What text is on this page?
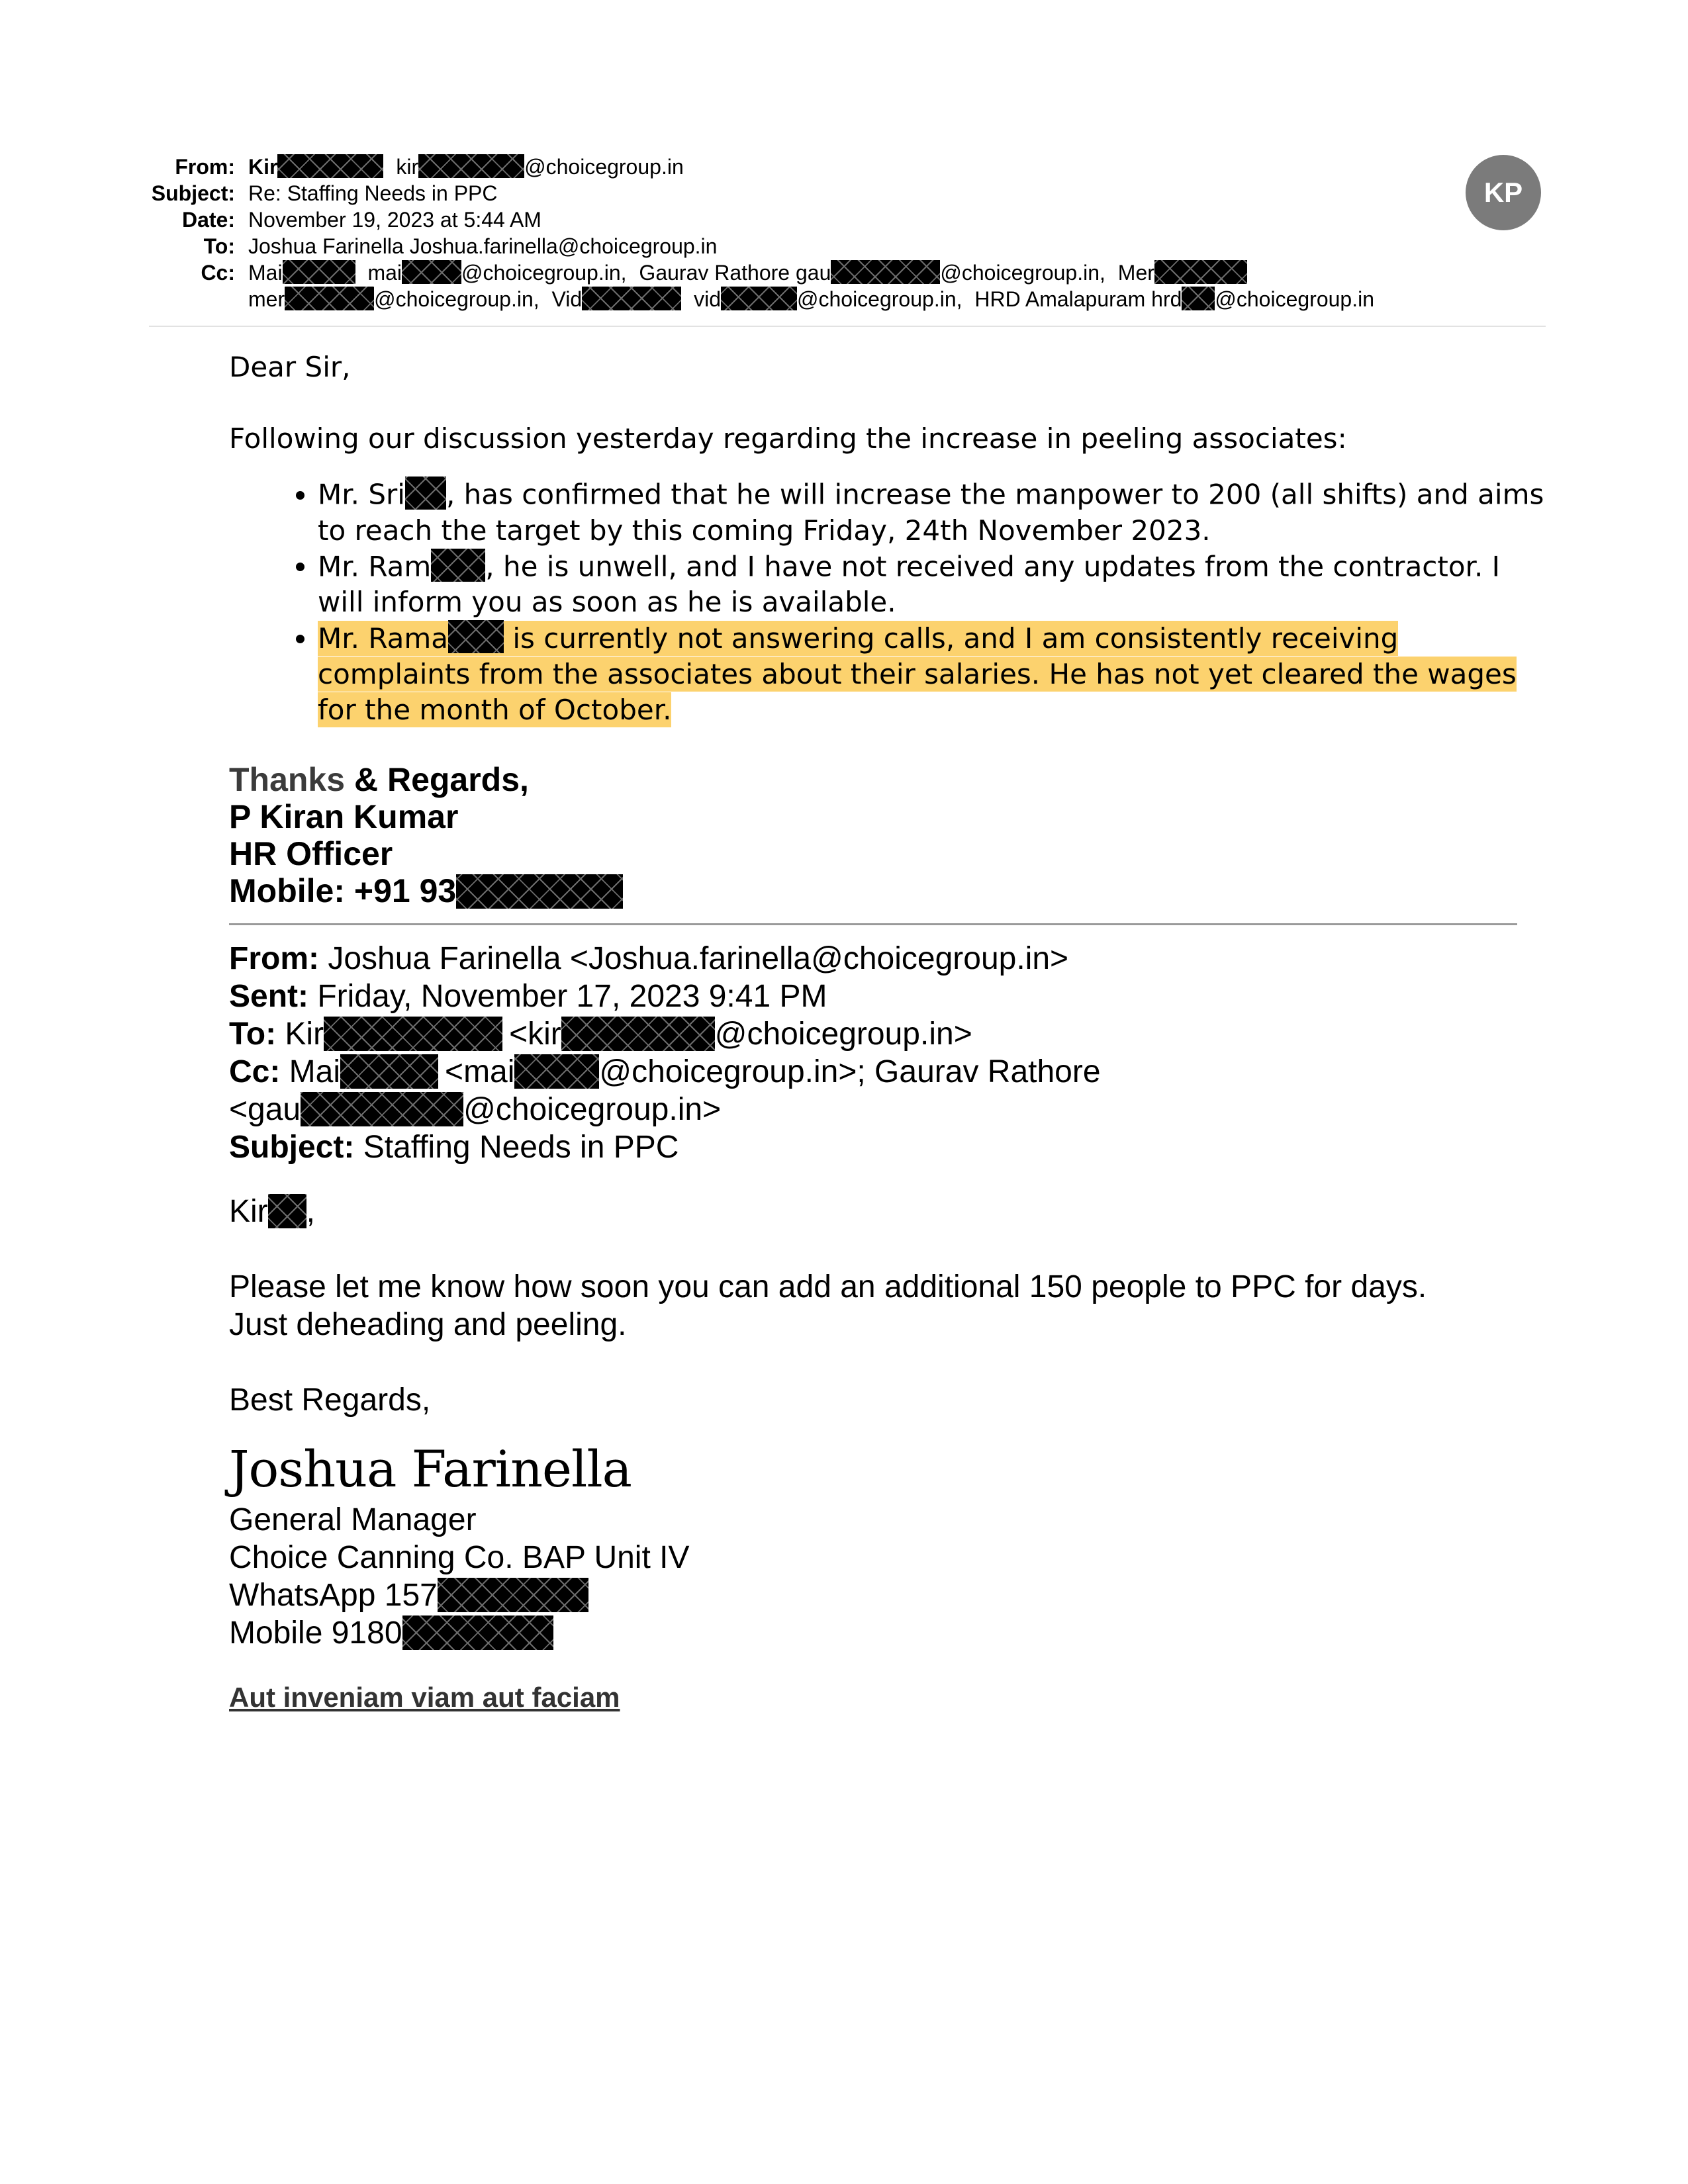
From: Kir	kir	@choicegroup.in
Subject: Re: Staffing Needs in PPC
Date: November 19, 2023 at 5:44 AM
To: Joshua Farinella Joshua.farinella@choicegroup.in
Cc: Mai	mai	@choicegroup.in, Gaurav Rathore gau	@choicegroup.in, Mer
mer	@choicegroup.in, Vid	vid	@choicegroup.in, HRD Amalapuram hrd @choicegroup.in
KP

Dear Sir,

Following our discussion yesterday regarding the increase in peeling associates:

• Mr. Sri , has confirmed that he will increase the manpower to 200 (all shifts) and aims to reach the target by this coming Friday, 24th November 2023.
• Mr. Ram , he is unwell, and I have not received any updates from the contractor. I will inform you as soon as he is available.
• Mr. Rama is currently not answering calls, and I am consistently receiving complaints from the associates about their salaries. He has not yet cleared the wages for the month of October.
Thanks & Regards,
P Kiran Kumar
HR Officer
Mobile: +91 93

From: Joshua Farinella <Joshua.farinella@choicegroup.in>

Sent: Friday, November 17, 2023 9:41 PM

To: Kir	<kir	@choicegroup.in>

Cc: Mai	<mai	@choicegroup.in>; Gaurav Rathore

<gau	@choicegroup.in>

Subject: Staffing Needs in PPC

Kir ,

Please let me know how soon you can add an additional 150 people to PPC for days.

Just deheading and peeling.

Best Regards,

Joshua Farinella

General Manager

Choice Canning Co. BAP Unit IV

WhatsApp 157

Mobile 9180

Aut inveniam viam aut faciam
